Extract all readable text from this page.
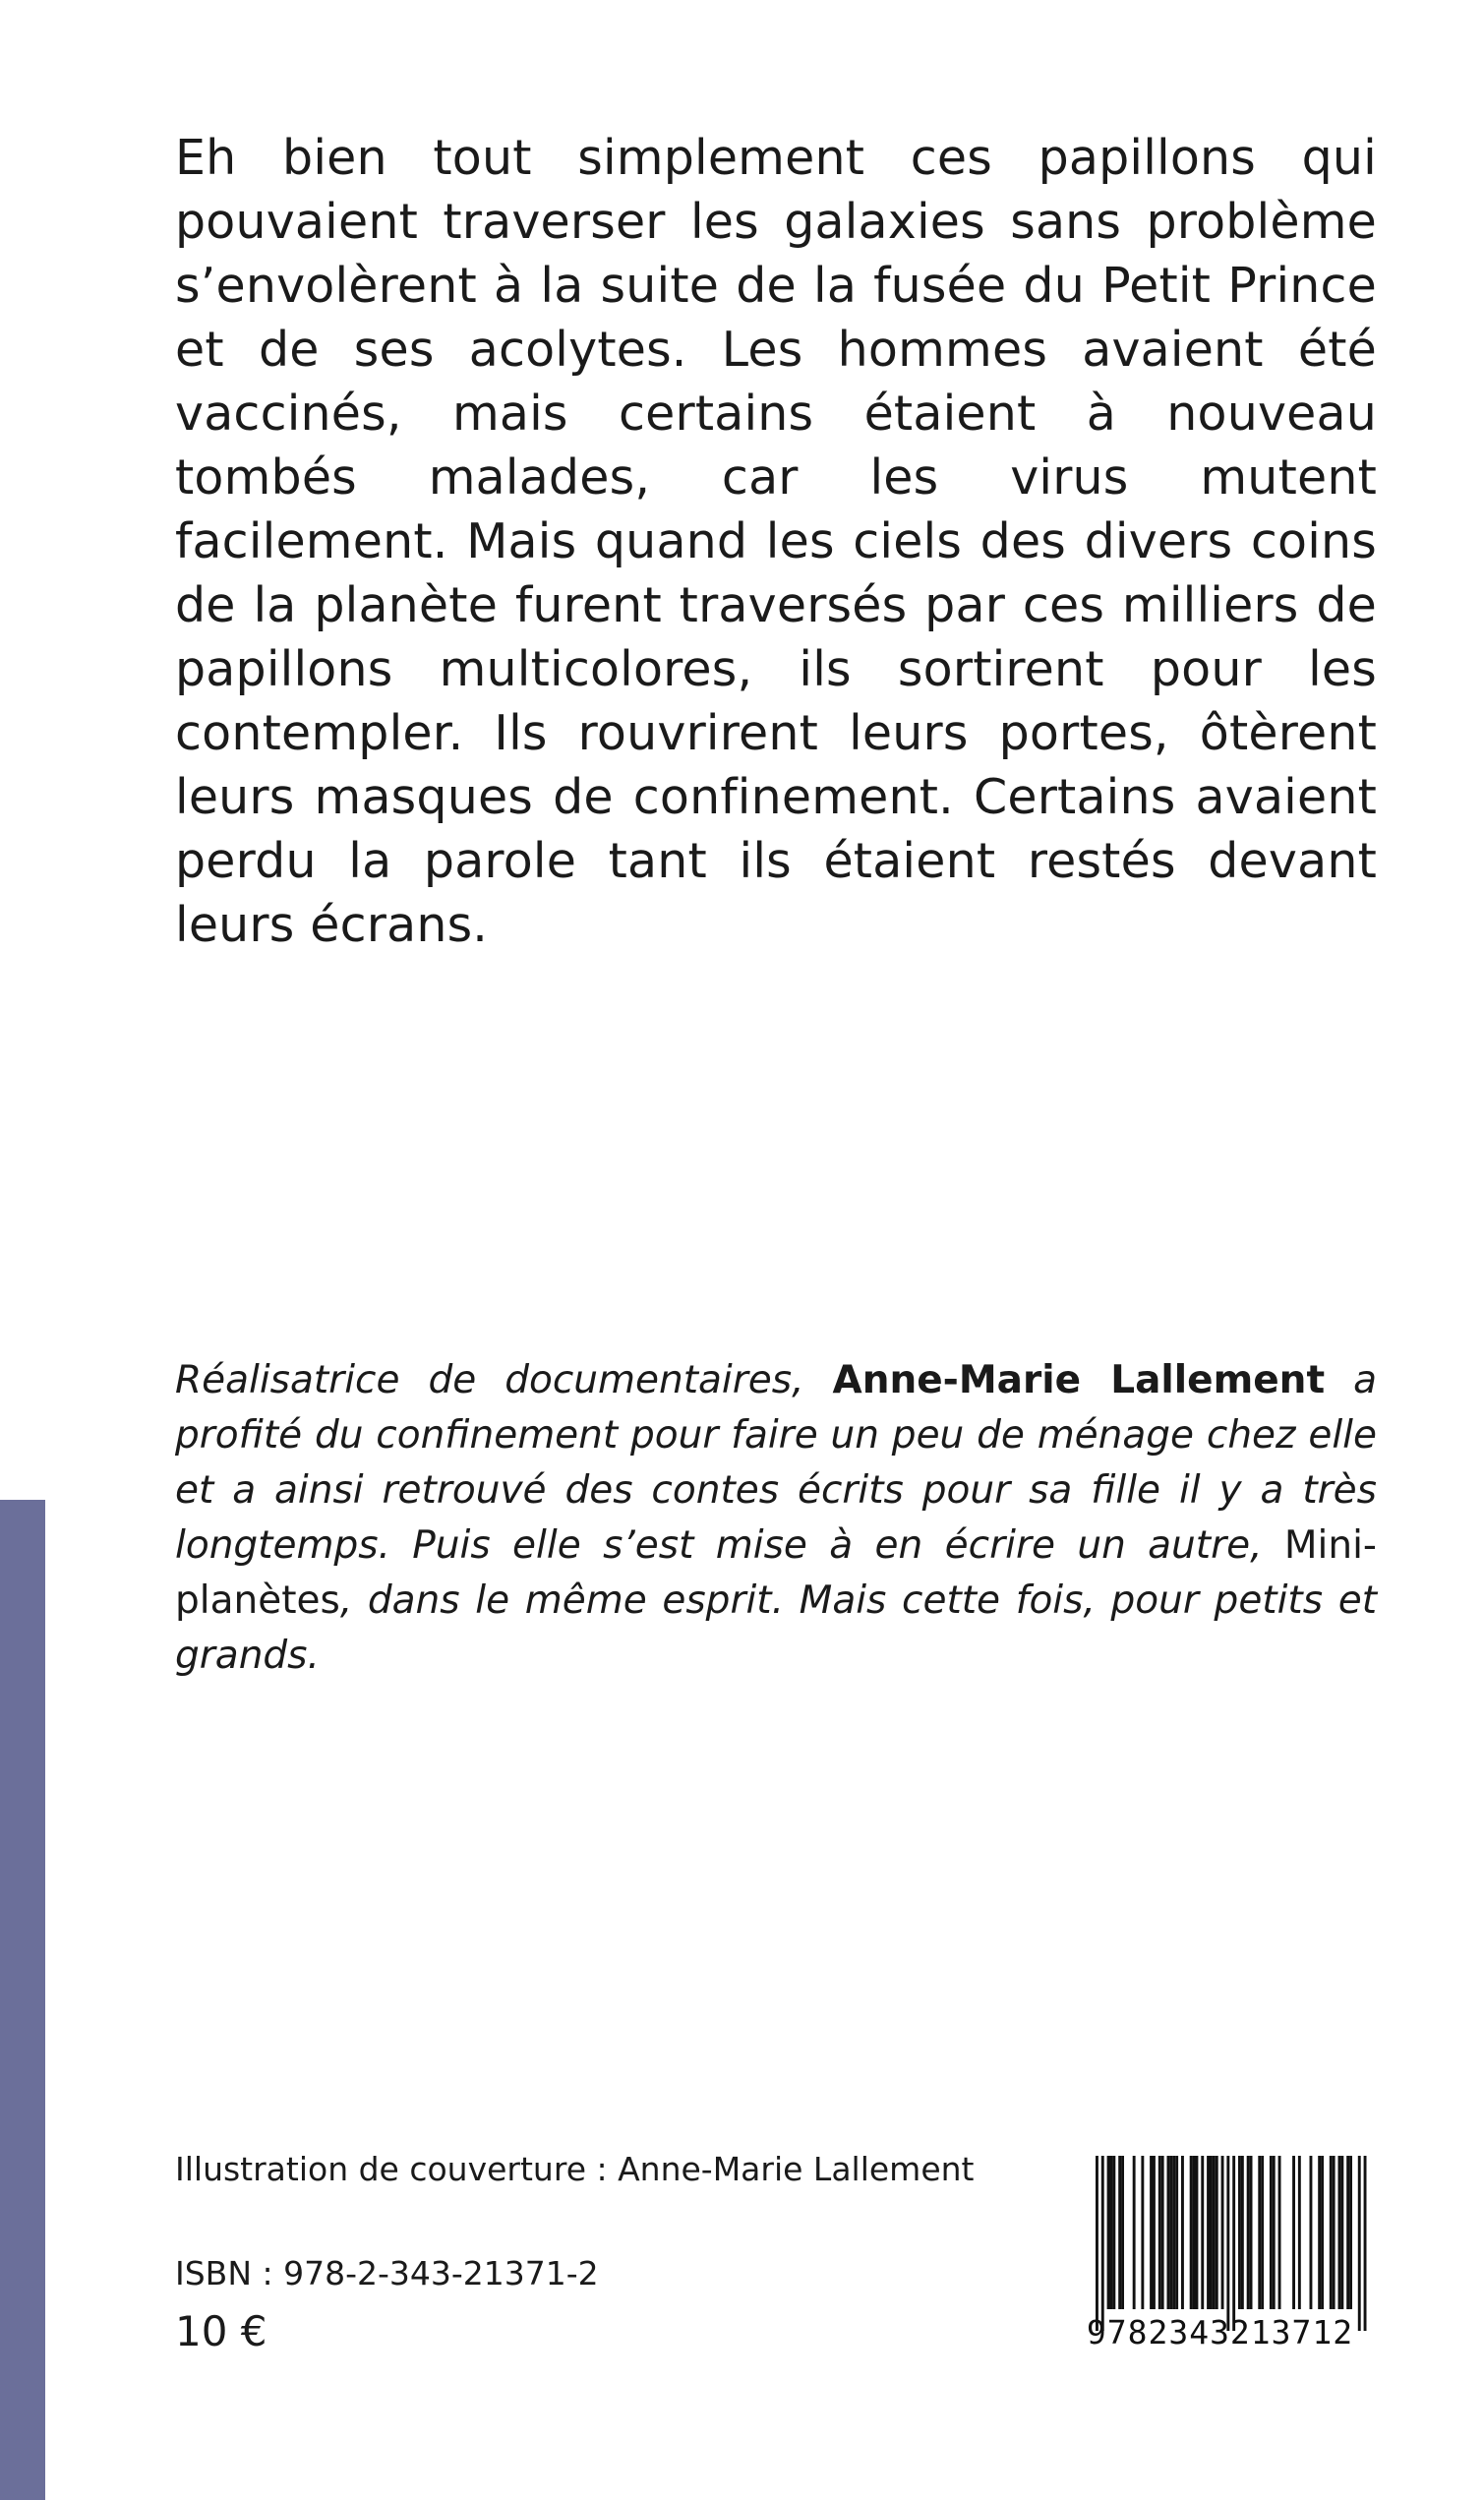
Eh bien tout simplement ces papillons qui pouvaient traverser les galaxies sans problème s’envolèrent à la suite de la fusée du Petit Prince et de ses acolytes. Les hommes avaient été vaccinés, mais certains étaient à nouveau tombés malades, car les virus mutent facilement. Mais quand les ciels des divers coins de la planète furent traversés par ces milliers de papillons multicolores, ils sortirent pour les contempler. Ils rouvrirent leurs portes, ôtèrent leurs masques de confinement. Certains avaient perdu la parole tant ils étaient restés devant leurs écrans.

Réalisatrice de documentaires, Anne-Marie Lallement a profité du confinement pour faire un peu de ménage chez elle et a ainsi retrouvé des contes écrits pour sa fille il y a très longtemps. Puis elle s’est mise à en écrire un autre, Mini-planètes, dans le même esprit. Mais cette fois, pour petits et grands.

Illustration de couverture : Anne-Marie Lallement
ISBN : 978-2-343-21371-2
10 €	9782343213712
